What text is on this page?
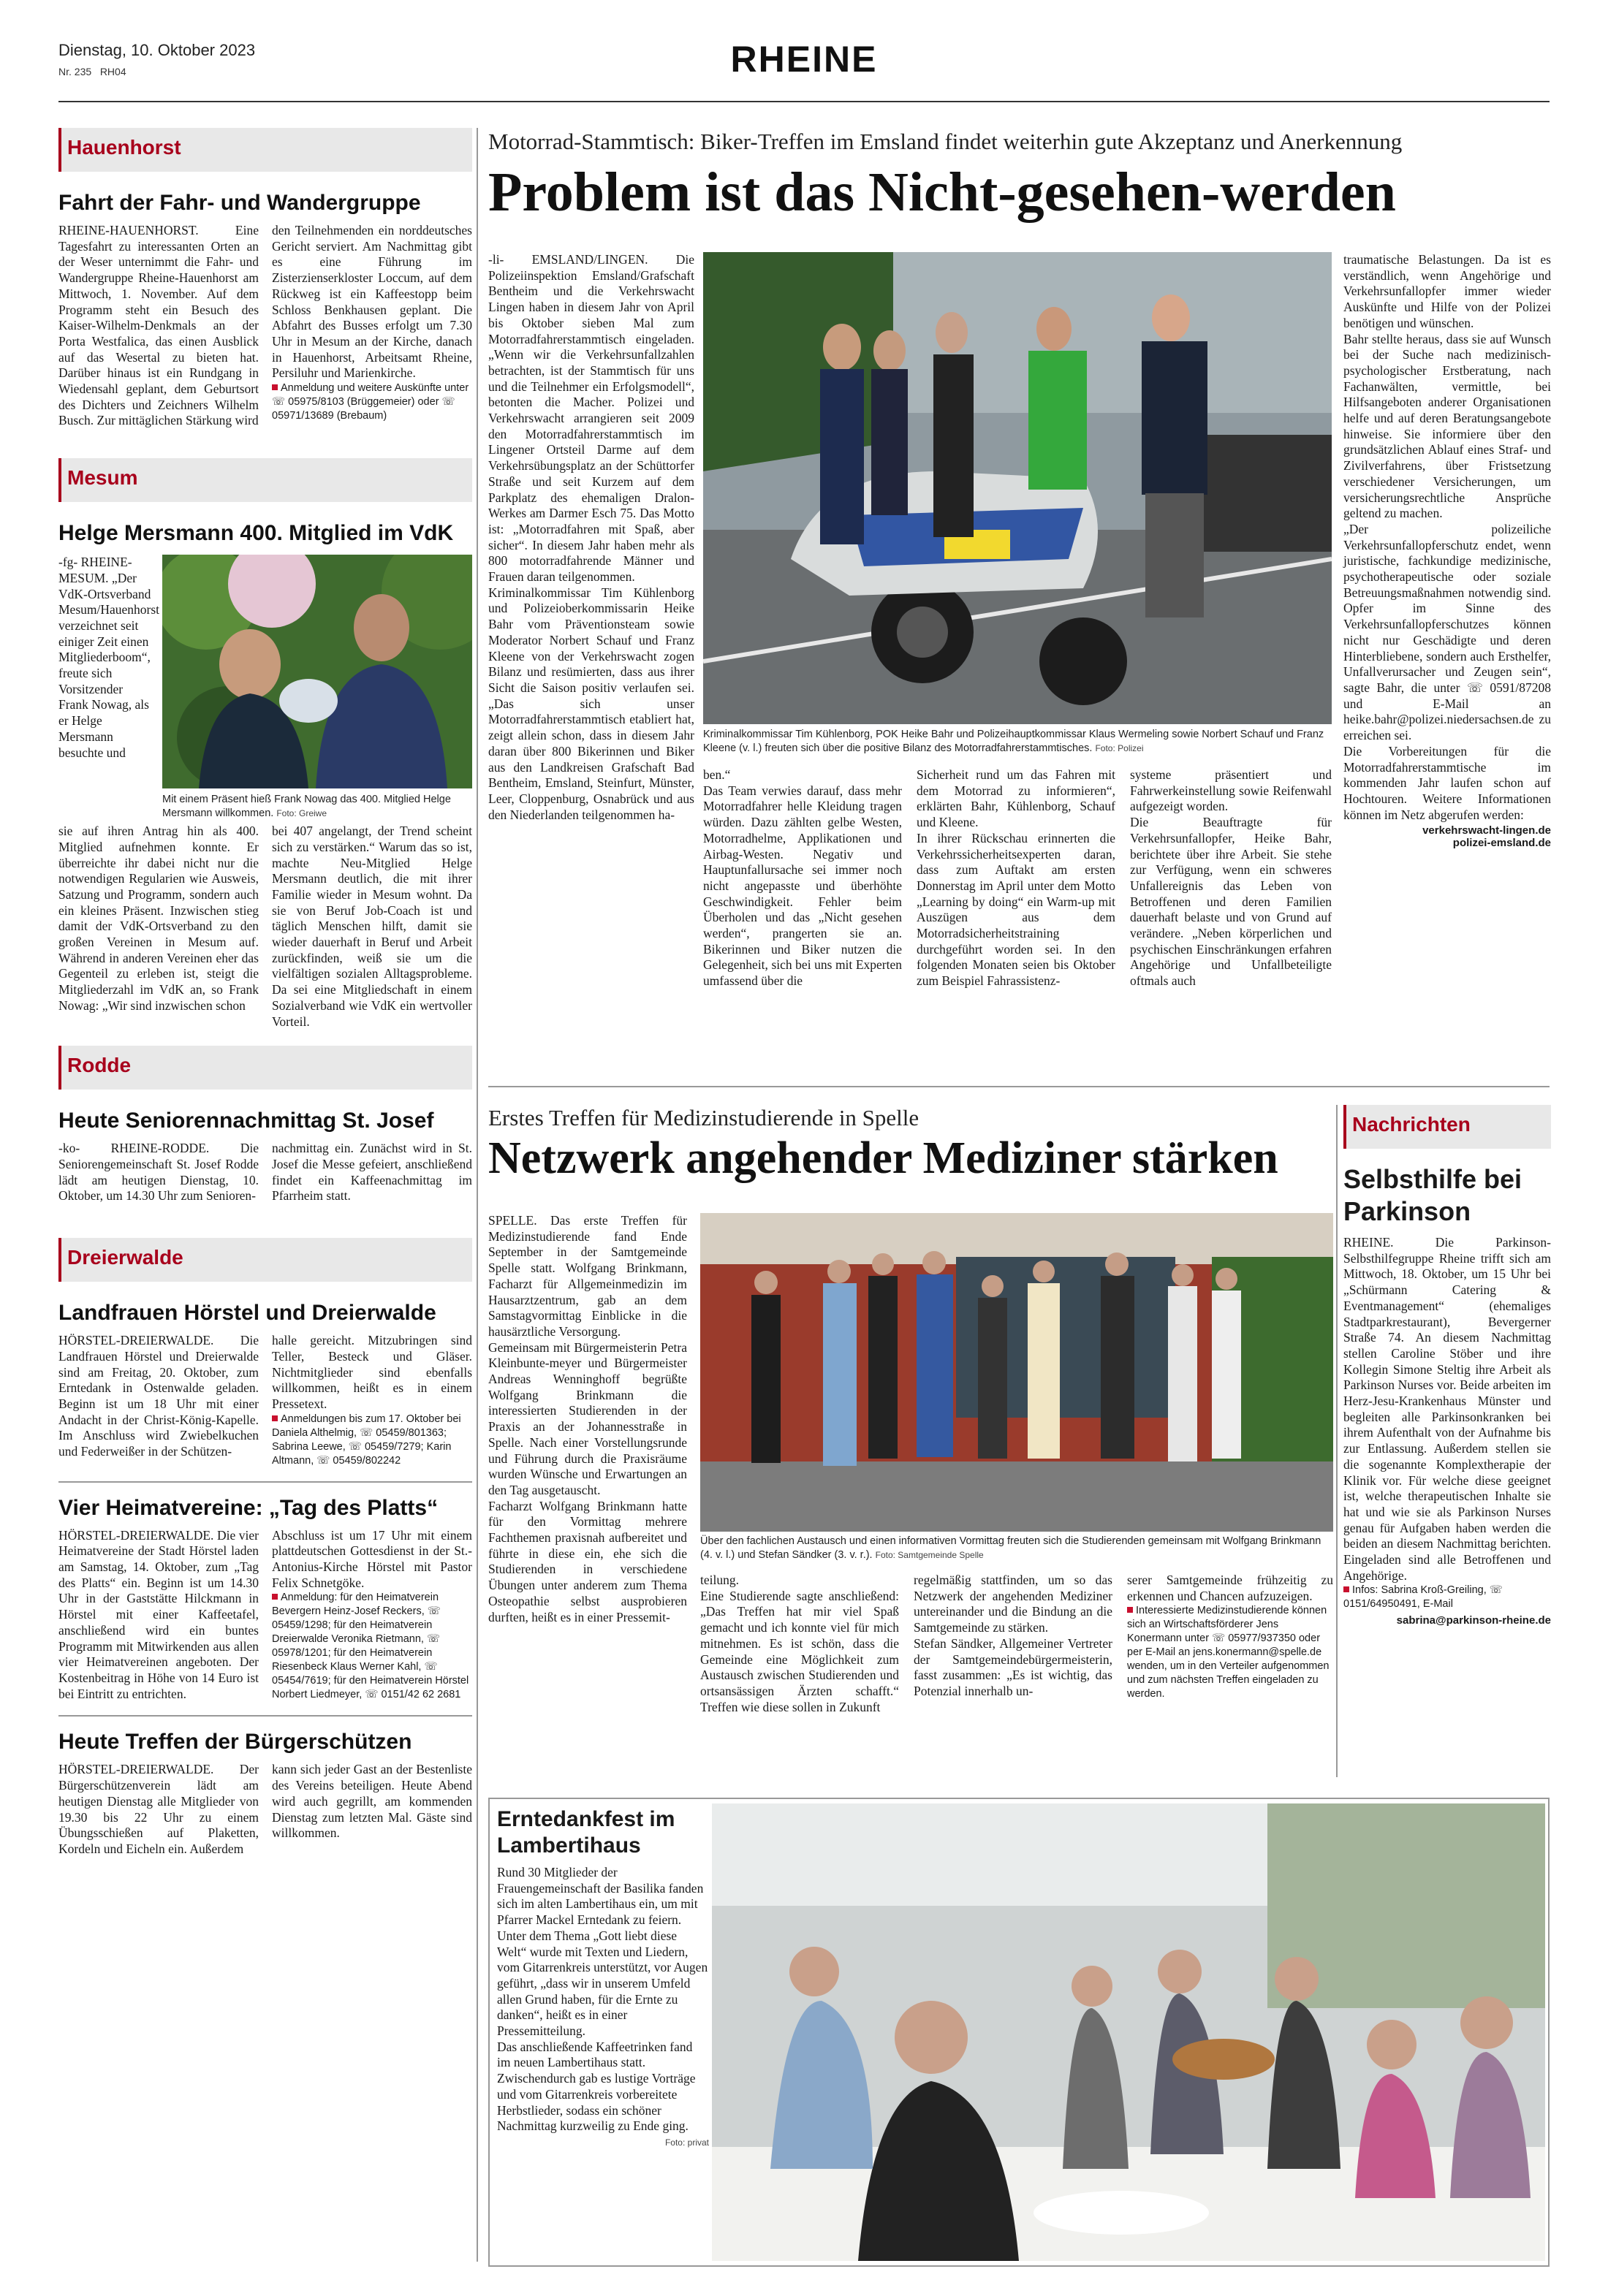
Dienstag, 10. Oktober 2023
Nr. 235 RH04	RHEINE
Hauenhorst
Fahrt der Fahr- und Wandergruppe
RHEINE-HAUENHORST. Eine Tagesfahrt zu interessanten Orten an der Weser unternimmt die Fahr- und Wandergruppe Rheine-Hauenhorst am Mittwoch, 1. November. Auf dem Programm steht ein Besuch des Kaiser-Wilhelm-Denkmals an der Porta Westfalica, das einen Ausblick auf das Wesertal zu bieten hat. Darüber hinaus ist ein Rundgang in Wiedensahl geplant, dem Geburtsort des Dichters und Zeichners Wilhelm Busch. Zur mittäglichen Stärkung wird
den Teilnehmenden ein norddeutsches Gericht serviert. Am Nachmittag gibt es eine Führung im Zisterzienserkloster Loccum, auf dem Rückweg ist ein Kaffeestopp beim Schloss Benkhausen geplant. Die Abfahrt des Busses erfolgt um 7.30 Uhr in Mesum an der Kirche, danach in Hauenhorst, Arbeitsamt Rheine, Persiluhr und Marienkirche.
Anmeldung und weitere Auskünfte unter ☏ 05975/8103 (Brüggemeier) oder ☏ 05971/13689 (Brebaum)
Mesum
Helge Mersmann 400. Mitglied im VdK
-fg- RHEINE-MESUM. „Der VdK-Ortsverband Mesum/Hauenhorst verzeichnet seit einiger Zeit einen Mitgliederboom“, freute sich Vorsitzender Frank Nowag, als er Helge Mersmann besuchte und
Mit einem Präsent hieß Frank Nowag das 400. Mitglied Helge Mersmann willkommen. Foto: Greiwe
sie auf ihren Antrag hin als 400. Mitglied aufnehmen konnte. Er überreichte ihr dabei nicht nur die notwendigen Regularien wie Ausweis, Satzung und Programm, sondern auch ein kleines Präsent. Inzwischen stieg damit der VdK-Ortsverband zu den großen Vereinen in Mesum auf. Während in anderen Vereinen eher das Gegenteil zu erleben ist, steigt die Mitgliederzahl im VdK an, so Frank Nowag: „Wir sind inzwischen schon
bei 407 angelangt, der Trend scheint sich zu verstärken.“ Warum das so ist, machte Neu-Mitglied Helge Mersmann deutlich, die mit ihrer Familie wieder in Mesum wohnt. Da sie von Beruf Job-Coach ist und täglich Menschen hilft, damit sie wieder dauerhaft in Beruf und Arbeit zurückfinden, weiß sie um die vielfältigen sozialen Alltagsprobleme. Da sei eine Mitgliedschaft in einem Sozialverband wie VdK ein wertvoller Vorteil.
Rodde
Heute Seniorennachmittag St. Josef
-ko- RHEINE-RODDE. Die Seniorengemeinschaft St. Josef Rodde lädt am heutigen Dienstag, 10. Oktober, um 14.30 Uhr zum Senioren-
nachmittag ein. Zunächst wird in St. Josef die Messe gefeiert, anschließend findet ein Kaffeenachmittag im Pfarrheim statt.
Dreierwalde
Landfrauen Hörstel und Dreierwalde
HÖRSTEL-DREIERWALDE. Die Landfrauen Hörstel und Dreierwalde sind am Freitag, 20. Oktober, zum Erntedank in Ostenwalde geladen. Beginn ist um 18 Uhr mit einer Andacht in der Christ-König-Kapelle. Im Anschluss wird Zwiebelkuchen und Federweißer in der Schützen-
halle gereicht. Mitzubringen sind Teller, Besteck und Gläser. Nichtmitglieder sind ebenfalls willkommen, heißt es in einem Pressetext.
Anmeldungen bis zum 17. Oktober bei Daniela Althelmig, ☏ 05459/801363; Sabrina Leewe, ☏ 05459/7279; Karin Altmann, ☏ 05459/802242
Vier Heimatvereine: „Tag des Platts“
HÖRSTEL-DREIERWALDE. Die vier Heimatvereine der Stadt Hörstel laden am Samstag, 14. Oktober, zum „Tag des Platts“ ein. Beginn ist um 14.30 Uhr in der Gaststätte Hilckmann in Hörstel mit einer Kaffeetafel, anschließend wird ein buntes Programm mit Mitwirkenden aus allen vier Heimatvereinen angeboten. Der Kostenbeitrag in Höhe von 14 Euro ist bei Eintritt zu entrichten.
Abschluss ist um 17 Uhr mit einem plattdeutschen Gottesdienst in der St.-Antonius-Kirche Hörstel mit Pastor Felix Schnetgöke.
Anmeldung: für den Heimatverein Bevergern Heinz-Josef Reckers, ☏ 05459/1298; für den Heimatverein Dreierwalde Veronika Rietmann, ☏ 05978/1201; für den Heimatverein Riesenbeck Klaus Werner Kahl, ☏ 05454/7619; für den Heimatverein Hörstel Norbert Liedmeyer, ☏ 0151/42 62 2681
Heute Treffen der Bürgerschützen
HÖRSTEL-DREIERWALDE. Der Bürgerschützenverein lädt am heutigen Dienstag alle Mitglieder von 19.30 bis 22 Uhr zu einem Übungsschießen auf Plaketten, Kordeln und Eicheln ein. Außerdem
kann sich jeder Gast an der Bestenliste des Vereins beteiligen. Heute Abend wird auch gegrillt, am kommenden Dienstag zum letzten Mal. Gäste sind willkommen.
Motorrad-Stammtisch: Biker-Treffen im Emsland findet weiterhin gute Akzeptanz und Anerkennung
Problem ist das Nicht-gesehen-werden
-li- EMSLAND/LINGEN. Die Polizeiinspektion Emsland/Grafschaft Bentheim und die Verkehrswacht Lingen haben in diesem Jahr von April bis Oktober sieben Mal zum Motorradfahrerstammtisch eingeladen. „Wenn wir die Verkehrsunfallzahlen betrachten, ist der Stammtisch für uns und die Teilnehmer ein Erfolgsmodell“, betonten die Macher. Polizei und Verkehrswacht arrangieren seit 2009 den Motorradfahrerstammtisch im Lingener Ortsteil Darme auf dem Verkehrsübungsplatz an der Schüttorfer Straße und seit Kurzem auf dem Parkplatz des ehemaligen Dralon-Werkes am Darmer Esch 75. Das Motto ist: „Motorradfahren mit Spaß, aber sicher“. In diesem Jahr haben mehr als 800 motorradfahrende Männer und Frauen daran teilgenommen.
Kriminalkommissar Tim Kühlenborg und Polizeioberkommissarin Heike Bahr vom Präventionsteam sowie Moderator Norbert Schauf und Franz Kleene von der Verkehrswacht zogen Bilanz und resümierten, dass aus ihrer Sicht die Saison positiv verlaufen sei. „Das sich unser Motorradfahrerstammtisch etabliert hat, zeigt allein schon, dass in diesem Jahr daran über 800 Bikerinnen und Biker aus den Landkreisen Grafschaft Bad Bentheim, Emsland, Steinfurt, Münster, Leer, Cloppenburg, Osnabrück und aus den Niederlanden teilgenommen ha-
Kriminalkommissar Tim Kühlenborg, POK Heike Bahr und Polizeihauptkommissar Klaus Wermeling sowie Norbert Schauf und Franz Kleene (v. l.) freuten sich über die positive Bilanz des Motorradfahrerstammtisches. Foto: Polizei
ben.“
Das Team verwies darauf, dass mehr Motorradfahrer helle Kleidung tragen würden. Dazu zählten gelbe Westen, Motorradhelme, Applikationen und Airbag-Westen. Negativ und Hauptunfallursache sei immer noch nicht angepasste und überhöhte Geschwindigkeit. Fehler beim Überholen und das „Nicht gesehen werden“, prangerten sie an. Bikerinnen und Biker nutzen die Gelegenheit, sich bei uns mit Experten umfassend über die
Sicherheit rund um das Fahren mit dem Motorrad zu informieren“, erklärten Bahr, Kühlenborg, Schauf und Kleene.
In ihrer Rückschau erinnerten die Verkehrssicherheitsexperten daran, dass zum Auftakt am ersten Donnerstag im April unter dem Motto „Learning by doing“ ein Warm-up mit Auszügen aus dem Motorradsicherheitstraining durchgeführt worden sei. In den folgenden Monaten seien bis Oktober zum Beispiel Fahrassistenz-
systeme präsentiert und Fahrwerkeinstellung sowie Reifenwahl aufgezeigt worden.
Die Beauftragte für Verkehrsunfallopfer, Heike Bahr, berichtete über ihre Arbeit. Sie stehe zur Verfügung, wenn ein schweres Unfallereignis das Leben von Betroffenen und deren Familien dauerhaft belaste und von Grund auf verändere. „Neben körperlichen und psychischen Einschränkungen erfahren Angehörige und Unfallbeteiligte oftmals auch
traumatische Belastungen. Da ist es verständlich, wenn Angehörige und Verkehrsunfallopfer immer wieder Auskünfte und Hilfe von der Polizei benötigen und wünschen.
Bahr stellte heraus, dass sie auf Wunsch bei der Suche nach medizinisch-psychologischer Erstberatung, nach Fachanwälten, vermittle, bei Hilfsangeboten anderer Organisationen helfe und auf deren Beratungsangebote hinweise. Sie informiere über den grundsätzlichen Ablauf eines Straf- und Zivilverfahrens, über Fristsetzung verschiedener Versicherungen, um versicherungsrechtliche Ansprüche geltend zu machen.
„Der polizeiliche Verkehrsunfallopferschutz endet, wenn juristische, fachkundige medizinische, psychotherapeutische oder soziale Betreuungsmaßnahmen notwendig sind. Opfer im Sinne des Verkehrsunfallopferschutzes können nicht nur Geschädigte und deren Hinterbliebene, sondern auch Ersthelfer, Unfallverursacher und Zeugen sein“, sagte Bahr, die unter ☏ 0591/87208 und E-Mail an heike.bahr@polizei.niedersachsen.de zu erreichen sei.
Die Vorbereitungen für die Motorradfahrerstammtische im kommenden Jahr laufen schon auf Hochtouren. Weitere Informationen können im Netz abgerufen werden:
verkehrswacht-lingen.de
polizei-emsland.de
Erstes Treffen für Medizinstudierende in Spelle
Netzwerk angehender Mediziner stärken
SPELLE. Das erste Treffen für Medizinstudierende fand Ende September in der Samtgemeinde Spelle statt. Wolfgang Brinkmann, Facharzt für Allgemeinmedizin im Hausarztzentrum, gab an dem Samstagvormittag Einblicke in die hausärztliche Versorgung.
Gemeinsam mit Bürgermeisterin Petra Kleinbunte-meyer und Bürgermeister Andreas Wenninghoff begrüßte Wolfgang Brinkmann die interessierten Studierenden in der Praxis an der Johannesstraße in Spelle. Nach einer Vorstellungsrunde und Führung durch die Praxisräume wurden Wünsche und Erwartungen an den Tag ausgetauscht.
Facharzt Wolfgang Brinkmann hatte für den Vormittag mehrere Fachthemen praxisnah aufbereitet und führte in diese ein, ehe sich die Studierenden in verschiedene Übungen unter anderem zum Thema Osteopathie selbst ausprobieren durften, heißt es in einer Pressemit-
Über den fachlichen Austausch und einen informativen Vormittag freuten sich die Studierenden gemeinsam mit Wolfgang Brinkmann (4. v. l.) und Stefan Sändker (3. v. r.). Foto: Samtgemeinde Spelle
teilung.
Eine Studierende sagte anschließend: „Das Treffen hat mir viel Spaß gemacht und ich konnte viel für mich mitnehmen. Es ist schön, dass die Gemeinde eine Möglichkeit zum Austausch zwischen Studierenden und ortsansässigen Ärzten schafft.“ Treffen wie diese sollen in Zukunft
regelmäßig stattfinden, um so das Netzwerk der angehenden Mediziner untereinander und die Bindung an die Samtgemeinde zu stärken.
Stefan Sändker, Allgemeiner Vertreter der Samtgemeindebürgermeisterin, fasst zusammen: „Es ist wichtig, das Potenzial innerhalb un-
serer Samtgemeinde frühzeitig zu erkennen und Chancen aufzuzeigen.
Interessierte Medizinstudierende können sich an Wirtschaftsförderer Jens Konermann unter ☏ 05977/937350 oder per E-Mail an jens.konermann@spelle.de wenden, um in den Verteiler aufgenommen und zum nächsten Treffen eingeladen zu werden.
Nachrichten
Selbsthilfe bei Parkinson
RHEINE. Die Parkinson-Selbsthilfegruppe Rheine trifft sich am Mittwoch, 18. Oktober, um 15 Uhr bei „Schürmann Catering & Eventmanagement“ (ehemaliges Stadtparkrestaurant), Bevergerner Straße 74. An diesem Nachmittag stellen Caroline Stöber und ihre Kollegin Simone Steltig ihre Arbeit als Parkinson Nurses vor. Beide arbeiten im Herz-Jesu-Krankenhaus Münster und begleiten alle Parkinsonkranken bei ihrem Aufenthalt von der Aufnahme bis zur Entlassung. Außerdem stellen sie die sogenannte Komplextherapie der Klinik vor. Für welche diese geeignet ist, welche therapeutischen Inhalte sie hat und wie sie als Parkinson Nurses genau für Aufgaben haben werden die beiden an diesem Nachmittag berichten. Eingeladen sind alle Betroffenen und Angehörige.
Infos: Sabrina Kroß-Greiling, ☏ 0151/64950491, E-Mail
sabrina@parkinson-rheine.de
Erntedankfest im Lambertihaus
Rund 30 Mitglieder der Frauengemeinschaft der Basilika fanden sich im alten Lambertihaus ein, um mit Pfarrer Mackel Erntedank zu feiern. Unter dem Thema „Gott liebt diese Welt“ wurde mit Texten und Liedern, vom Gitarrenkreis unterstützt, vor Augen geführt, „dass wir in unserem Umfeld allen Grund haben, für die Ernte zu danken“, heißt es in einer Pressemitteilung.
Das anschließende Kaffeetrinken fand im neuen Lambertihaus statt. Zwischendurch gab es lustige Vorträge und vom Gitarrenkreis vorbereitete Herbstlieder, sodass ein schöner Nachmittag kurzweilig zu Ende ging.
Foto: privat
